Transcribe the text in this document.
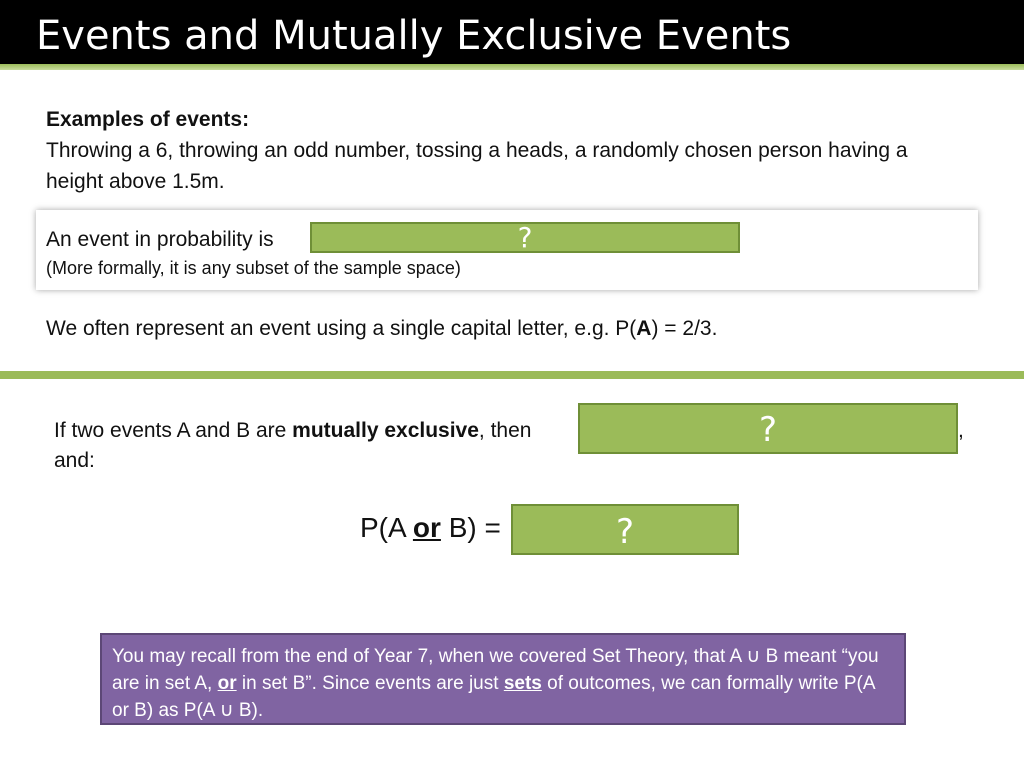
Events and Mutually Exclusive Events
Examples of events:
Throwing a 6, throwing an odd number, tossing a heads, a randomly chosen person having a height above 1.5m.
An event in probability is
(More formally, it is any subset of the sample space)
?
We often represent an event using a single capital letter, e.g. P(A) = 2/3.
If two events A and B are mutually exclusive, then	?	,
and:
P(A or B) =	?
You may recall from the end of Year 7, when we covered Set Theory, that A ∪ B meant “you are in set A, or in set B”. Since events are just sets of outcomes, we can formally write P(A or B) as P(A ∪ B).
